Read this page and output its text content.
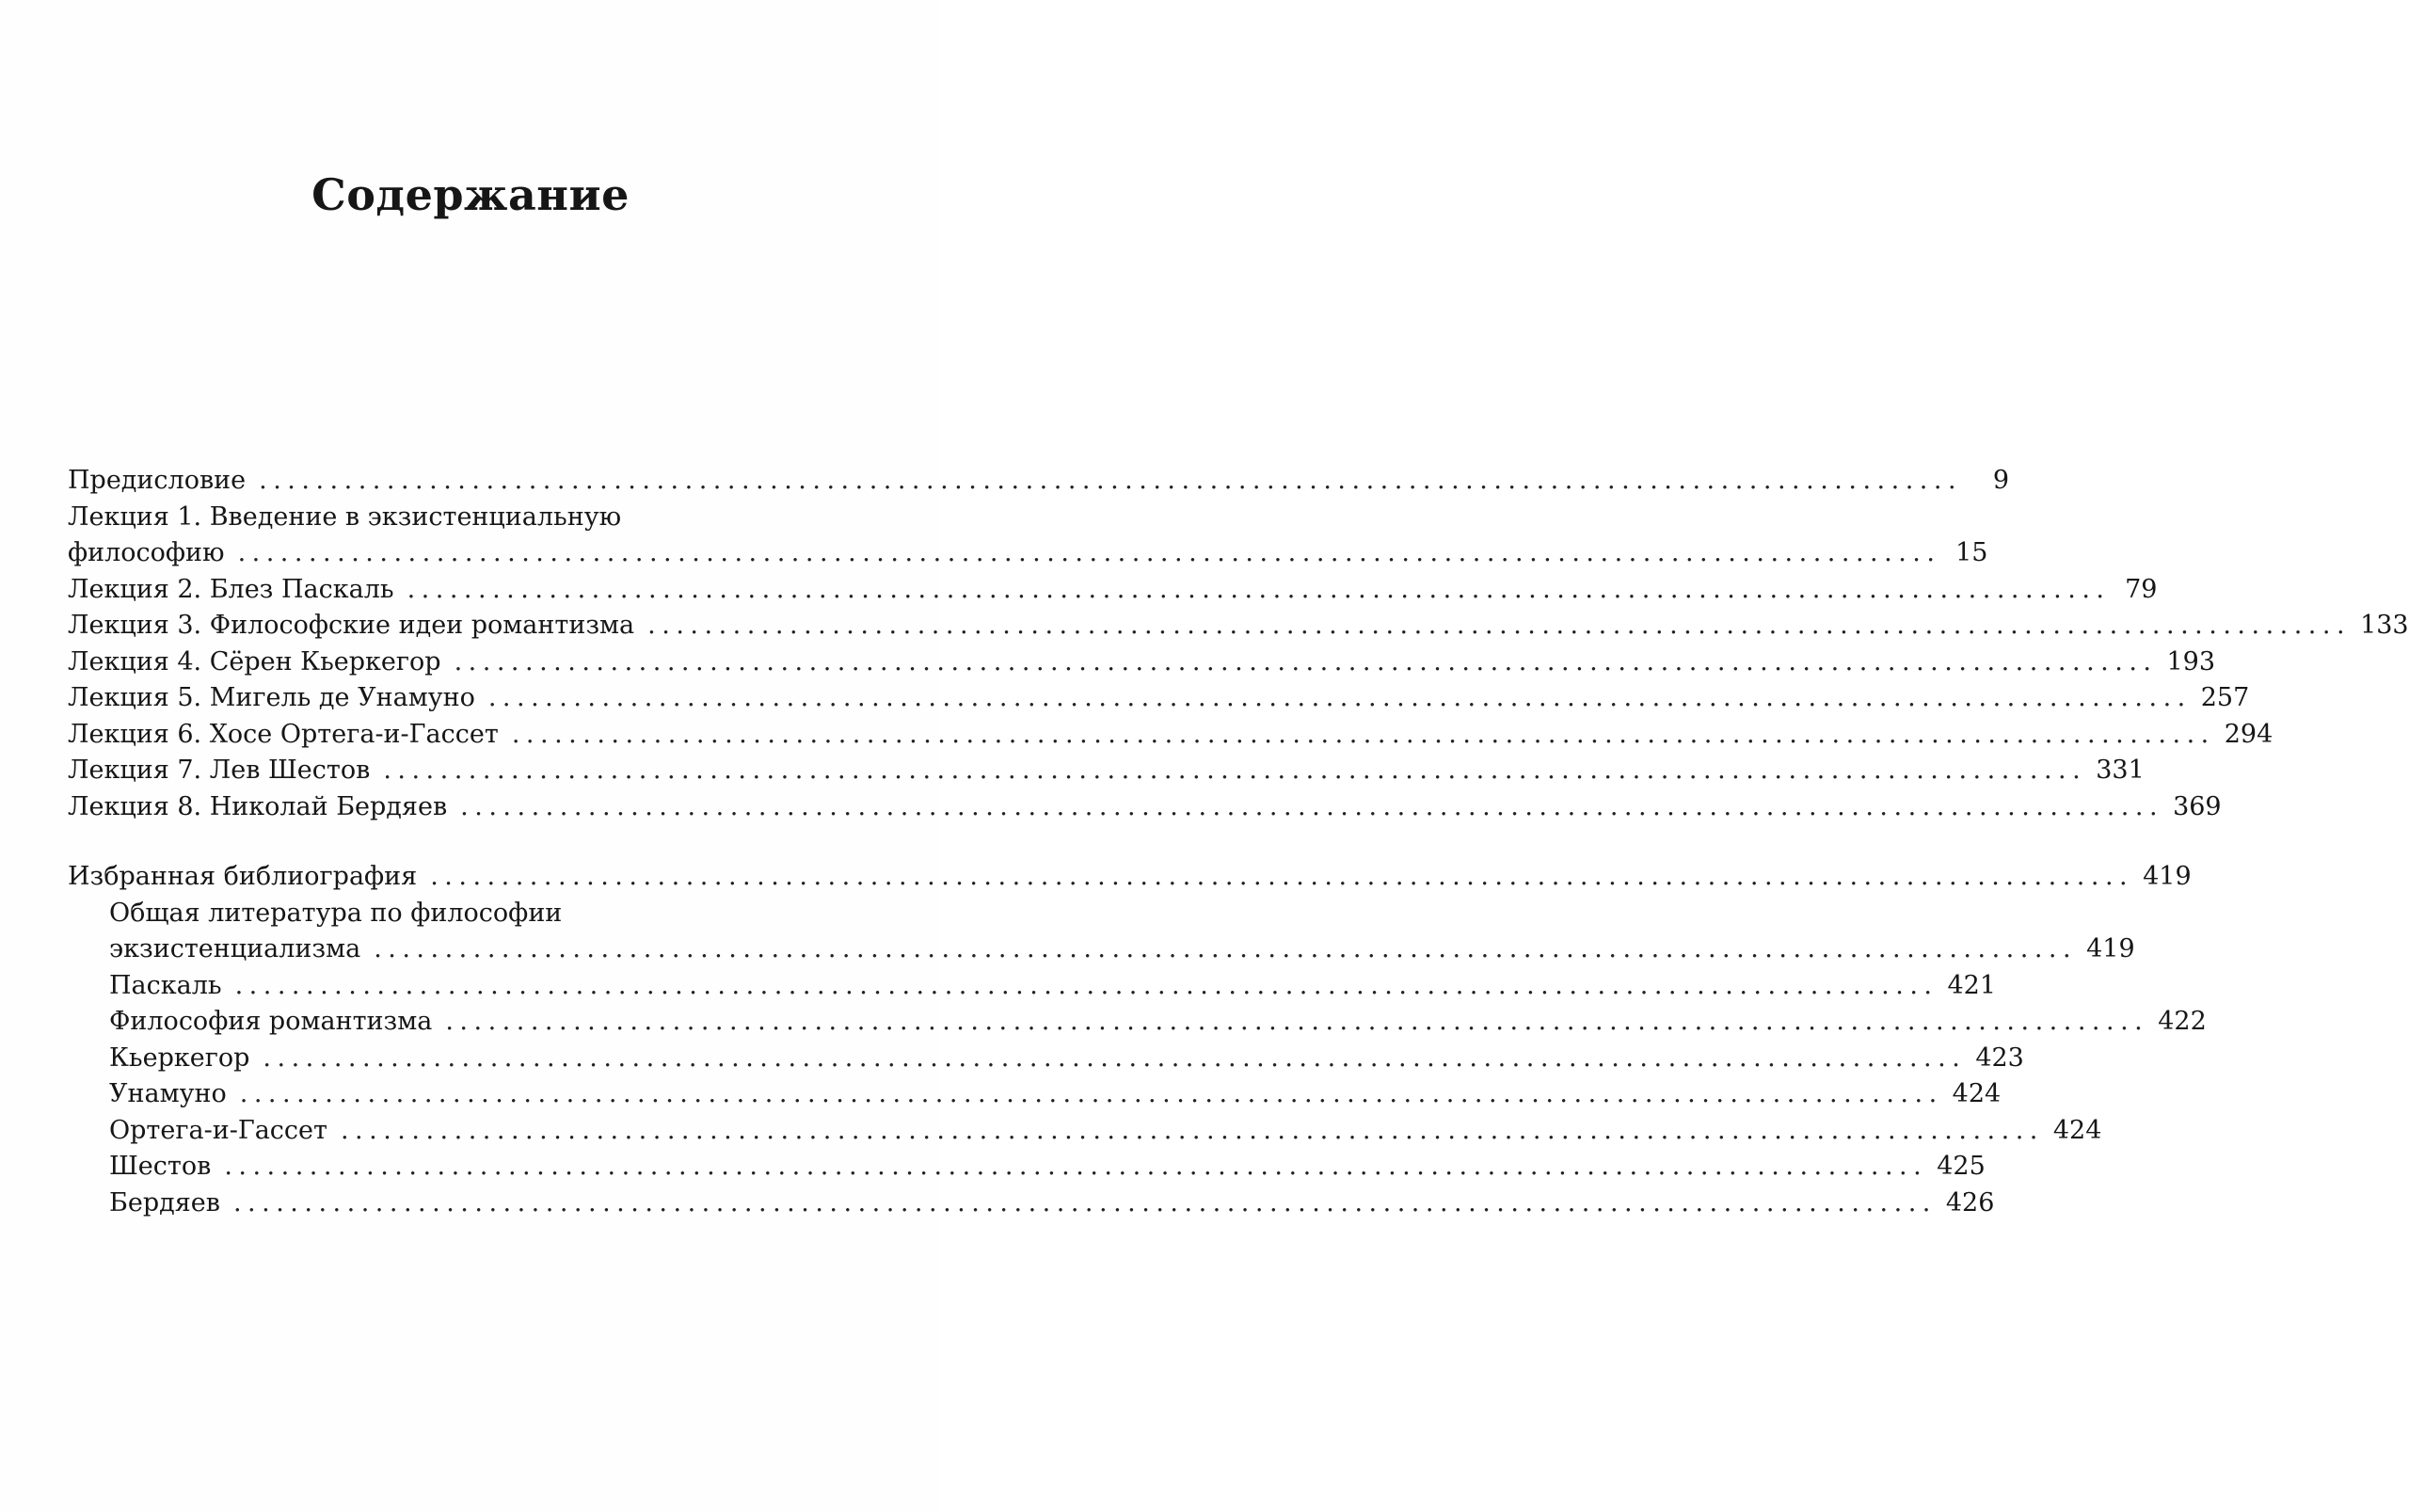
Содержание
Предисловие ........................................................................................................................	9
Лекция 1. Введение в экзистенциальную
философию ........................................................................................................................ 15
Лекция 2. Блез Паскаль ........................................................................................................................ 79
Лекция 3. Философские идеи романтизма ........................................................................................................................ 133
Лекция 4. Сёрен Кьеркегор ........................................................................................................................ 193
Лекция 5. Мигель де Унамуно ........................................................................................................................ 257
Лекция 6. Хосе Ортега-и-Гассет ........................................................................................................................ 294
Лекция 7. Лев Шестов ........................................................................................................................ 331
Лекция 8. Николай Бердяев ........................................................................................................................ 369
Избранная библиография ........................................................................................................................ 419
Общая литература по философии
экзистенциализма ........................................................................................................................ 419
Паскаль ........................................................................................................................ 421
Философия романтизма ........................................................................................................................ 422
Кьеркегор ........................................................................................................................ 423
Унамуно ........................................................................................................................ 424
Ортега-и-Гассет ........................................................................................................................ 424
Шестов ........................................................................................................................ 425
Бердяев ........................................................................................................................ 426
